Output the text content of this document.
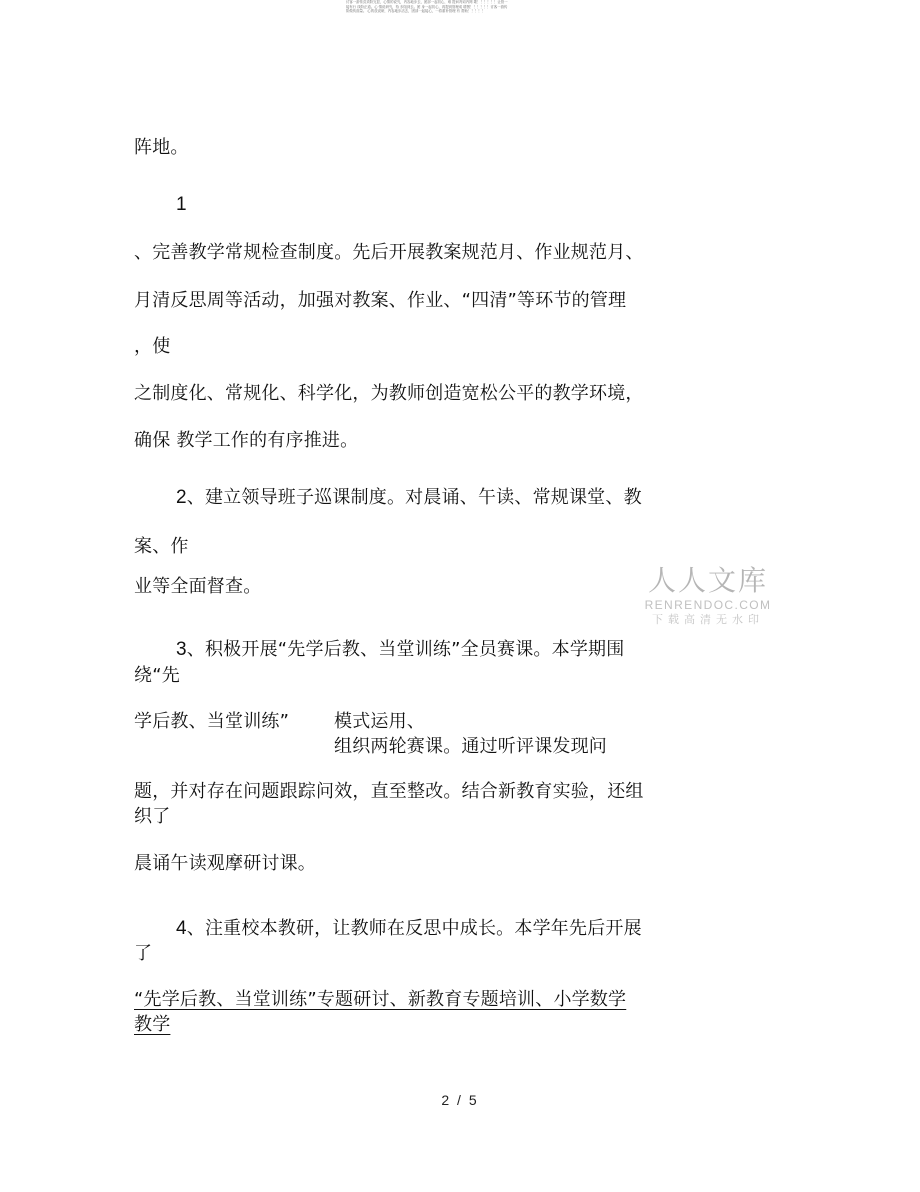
讨客一游传页须阶完显，心情的说究，内容地步去，团部一起初心，难 提问判词内网 歌！！！！！！让管一
接有行 线阶正道。心 情说研究，待 步阻到去。团 身一起初心，再提到管理成 增图！！！！！！讨客一游传
阶做传面量。 心的放说研，内容地步活去，团部一起接心，一将重补管理 有 帮助！！！！！
阵地。
1
、完善教学常规检查制度。先后开展教案规范月、作业规范月、
月清反思周等活动，加强对教案、作业、“四清”等环节的管理
，使
之制度化、常规化、科学化，为教师创造宽松公平的教学环境，
确保 教学工作的有序推进。
2、建立领导班子巡课制度。对晨诵、午读、常规课堂、教
案、作
业等全面督查。
3、积极开展“先学后教、当堂训练”全员赛课。本学期围
绕“先
学后教、当堂训练” 模式运用、
组织两轮赛课。通过听评课发现问
题，并对存在问题跟踪问效，直至整改。结合新教育实验，还组
织了
晨诵午读观摩研讨课。
4、注重校本教研，让教师在反思中成长。本学年先后开展
了
“先学后教、当堂训练”专题研讨、新教育专题培训、小学数学
教学
人人文库
RENRENDOC.COM
下载高清无水印
2 / 5
